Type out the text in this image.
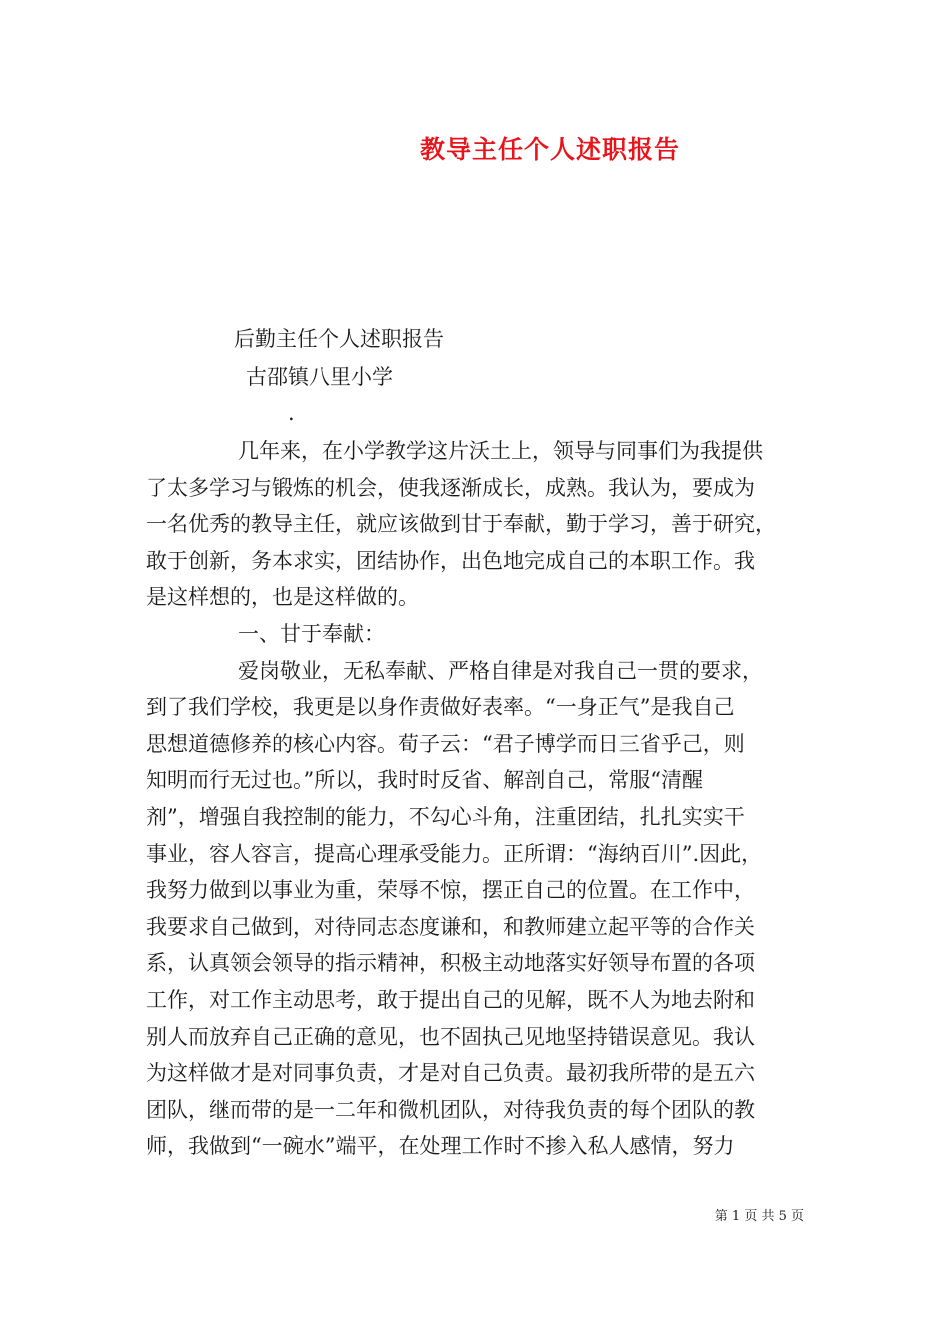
教导主任个人述职报告
后勤主任个人述职报告
古邵镇八里小学
.
几年来，在小学教学这片沃土上，领导与同事们为我提供
了太多学习与锻炼的机会，使我逐渐成长，成熟。我认为，要成为
一名优秀的教导主任，就应该做到甘于奉献，勤于学习，善于研究，
敢于创新，务本求实，团结协作，出色地完成自己的本职工作。我
是这样想的，也是这样做的。
一、甘于奉献：
爱岗敬业，无私奉献、严格自律是对我自己一贯的要求，
到了我们学校，我更是以身作责做好表率。“一身正气”是我自己
思想道德修养的核心内容。荀子云：“君子博学而日三省乎己，则
知明而行无过也。”所以，我时时反省、解剖自己，常服“清醒
剂”，增强自我控制的能力，不勾心斗角，注重团结，扎扎实实干
事业，容人容言，提高心理承受能力。正所谓：“海纳百川”.因此，
我努力做到以事业为重，荣辱不惊，摆正自己的位置。在工作中，
我要求自己做到，对待同志态度谦和，和教师建立起平等的合作关
系，认真领会领导的指示精神，积极主动地落实好领导布置的各项
工作，对工作主动思考，敢于提出自己的见解，既不人为地去附和
别人而放弃自己正确的意见，也不固执己见地坚持错误意见。我认
为这样做才是对同事负责，才是对自己负责。最初我所带的是五六
团队，继而带的是一二年和微机团队，对待我负责的每个团队的教
师，我做到“一碗水”端平，在处理工作时不掺入私人感情，努力
第 1 页 共 5 页
